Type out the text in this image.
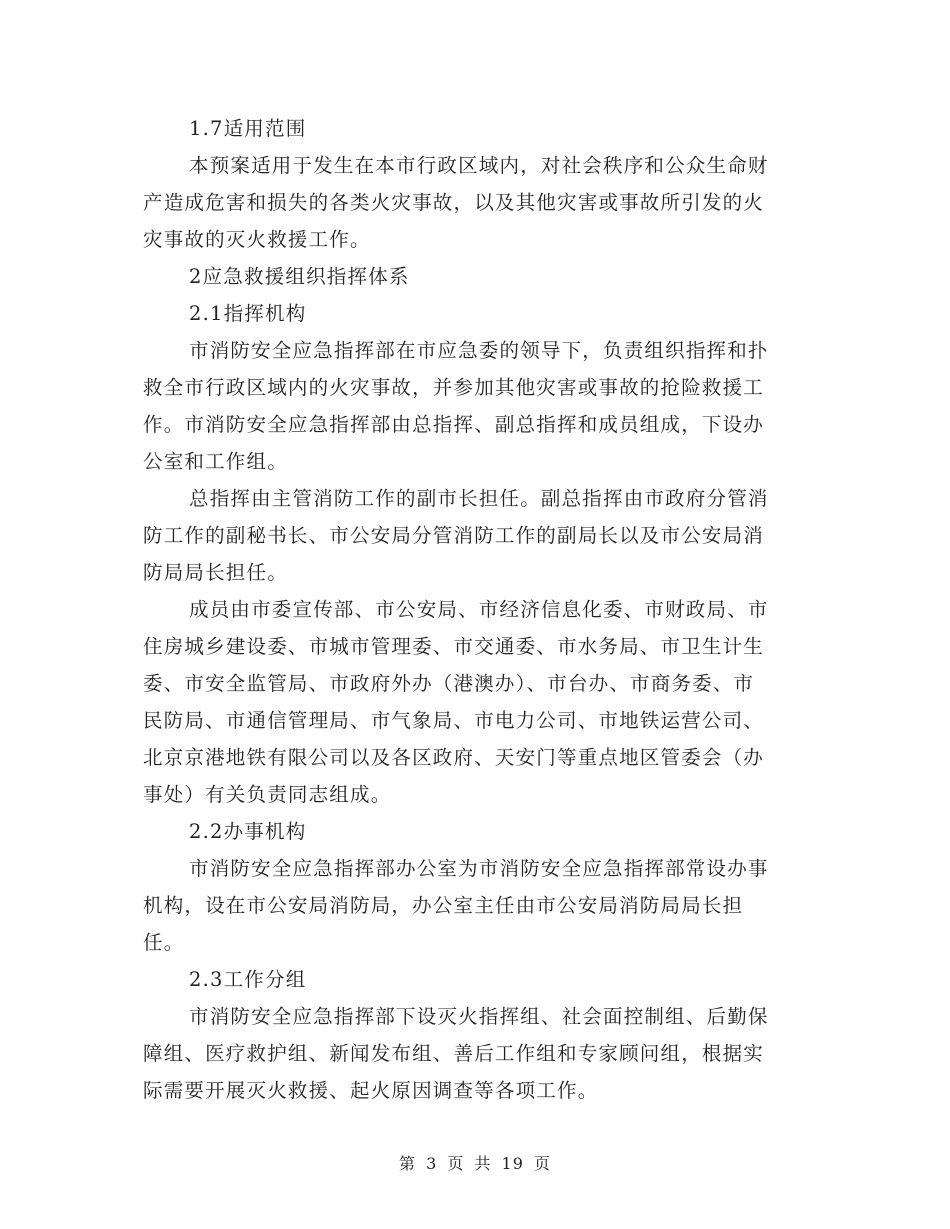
1.7适用范围
本预案适用于发生在本市行政区域内，对社会秩序和公众生命财
产造成危害和损失的各类火灾事故，以及其他灾害或事故所引发的火
灾事故的灭火救援工作。
2应急救援组织指挥体系
2.1指挥机构
市消防安全应急指挥部在市应急委的领导下，负责组织指挥和扑
救全市行政区域内的火灾事故，并参加其他灾害或事故的抢险救援工
作。市消防安全应急指挥部由总指挥、副总指挥和成员组成，下设办
公室和工作组。
总指挥由主管消防工作的副市长担任。副总指挥由市政府分管消
防工作的副秘书长、市公安局分管消防工作的副局长以及市公安局消
防局局长担任。
成员由市委宣传部、市公安局、市经济信息化委、市财政局、市
住房城乡建设委、市城市管理委、市交通委、市水务局、市卫生计生
委、市安全监管局、市政府外办（港澳办）、市台办、市商务委、市
民防局、市通信管理局、市气象局、市电力公司、市地铁运营公司、
北京京港地铁有限公司以及各区政府、天安门等重点地区管委会（办
事处）有关负责同志组成。
2.2办事机构
市消防安全应急指挥部办公室为市消防安全应急指挥部常设办事
机构，设在市公安局消防局，办公室主任由市公安局消防局局长担
任。
2.3工作分组
市消防安全应急指挥部下设灭火指挥组、社会面控制组、后勤保
障组、医疗救护组、新闻发布组、善后工作组和专家顾问组，根据实
际需要开展灭火救援、起火原因调查等各项工作。
第 3 页 共 19 页
